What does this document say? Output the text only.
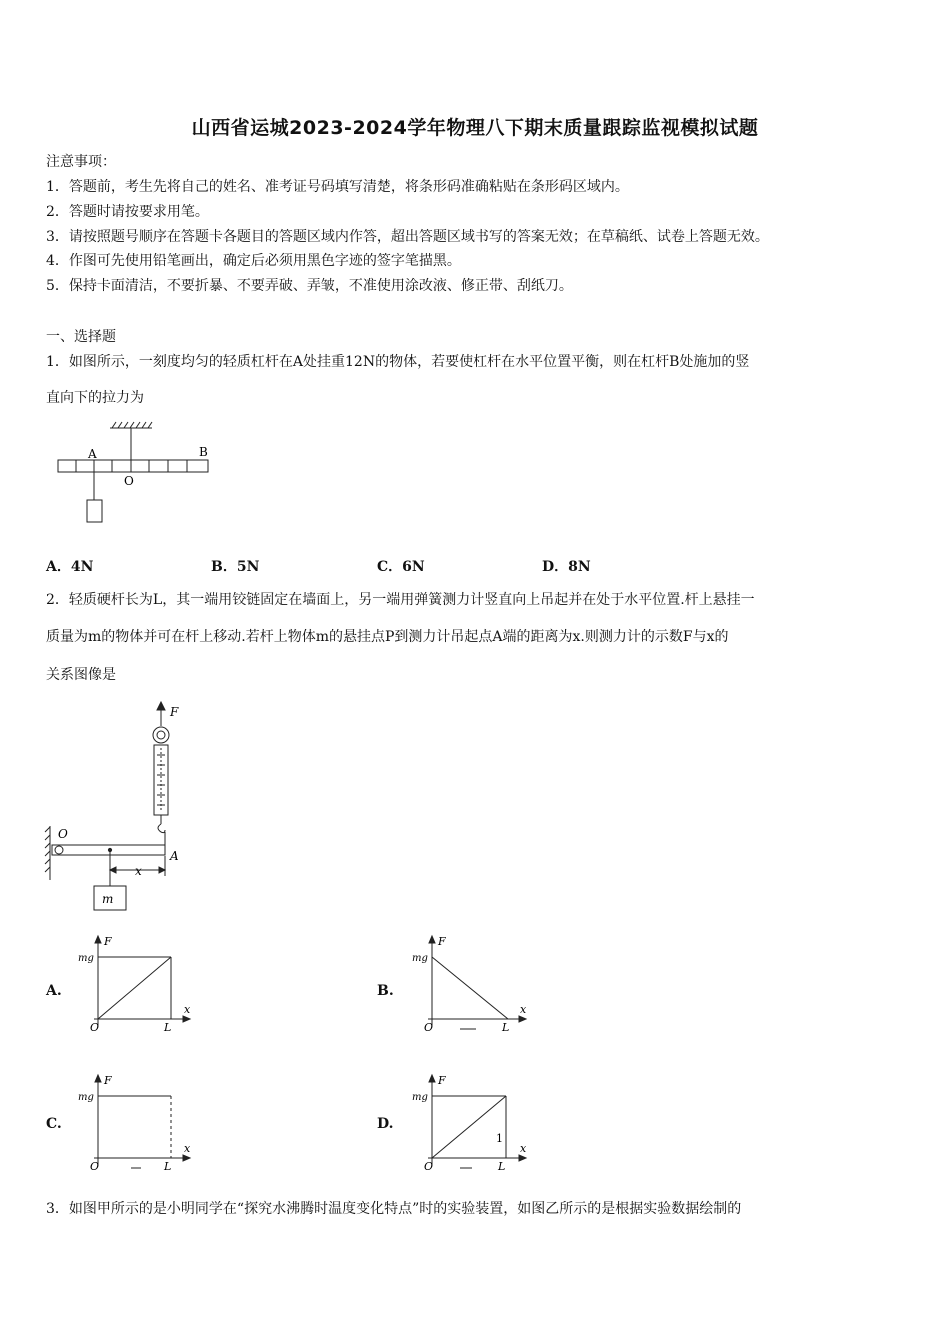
山西省运城2023-2024学年物理八下期末质量跟踪监视模拟试题
注意事项：
1．答题前，考生先将自己的姓名、准考证号码填写清楚，将条形码准确粘贴在条形码区域内。
2．答题时请按要求用笔。
3．请按照题号顺序在答题卡各题目的答题区域内作答，超出答题区域书写的答案无效；在草稿纸、试卷上答题无效。
4．作图可先使用铅笔画出，确定后必须用黑色字迹的签字笔描黑。
5．保持卡面清洁，不要折暴、不要弄破、弄皱，不准使用涂改液、修正带、刮纸刀。
一、选择题
1．如图所示，一刻度均匀的轻质杠杆在A处挂重12N的物体，若要使杠杆在水平位置平衡，则在杠杆B处施加的竖
直向下的拉力为
A	B
O
A．4N	B．5N	C．6N	D．8N
2．轻质硬杆长为L，其一端用铰链固定在墙面上，另一端用弹簧测力计竖直向上吊起并在处于水平位置.杆上悬挂一
质量为m的物体并可在杆上移动.若杆上物体m的悬挂点P到测力计吊起点A端的距离为x.则测力计的示数F与x的
关系图像是
F
O
A
x
m
A.	B.
C.	D.
F
mg
x
O	L
F
mg
x
O	L
F
mg
x
O	L
F
mg
x
O
1
L
3．如图甲所示的是小明同学在“探究水沸腾时温度变化特点”时的实验装置，如图乙所示的是根据实验数据绘制的
